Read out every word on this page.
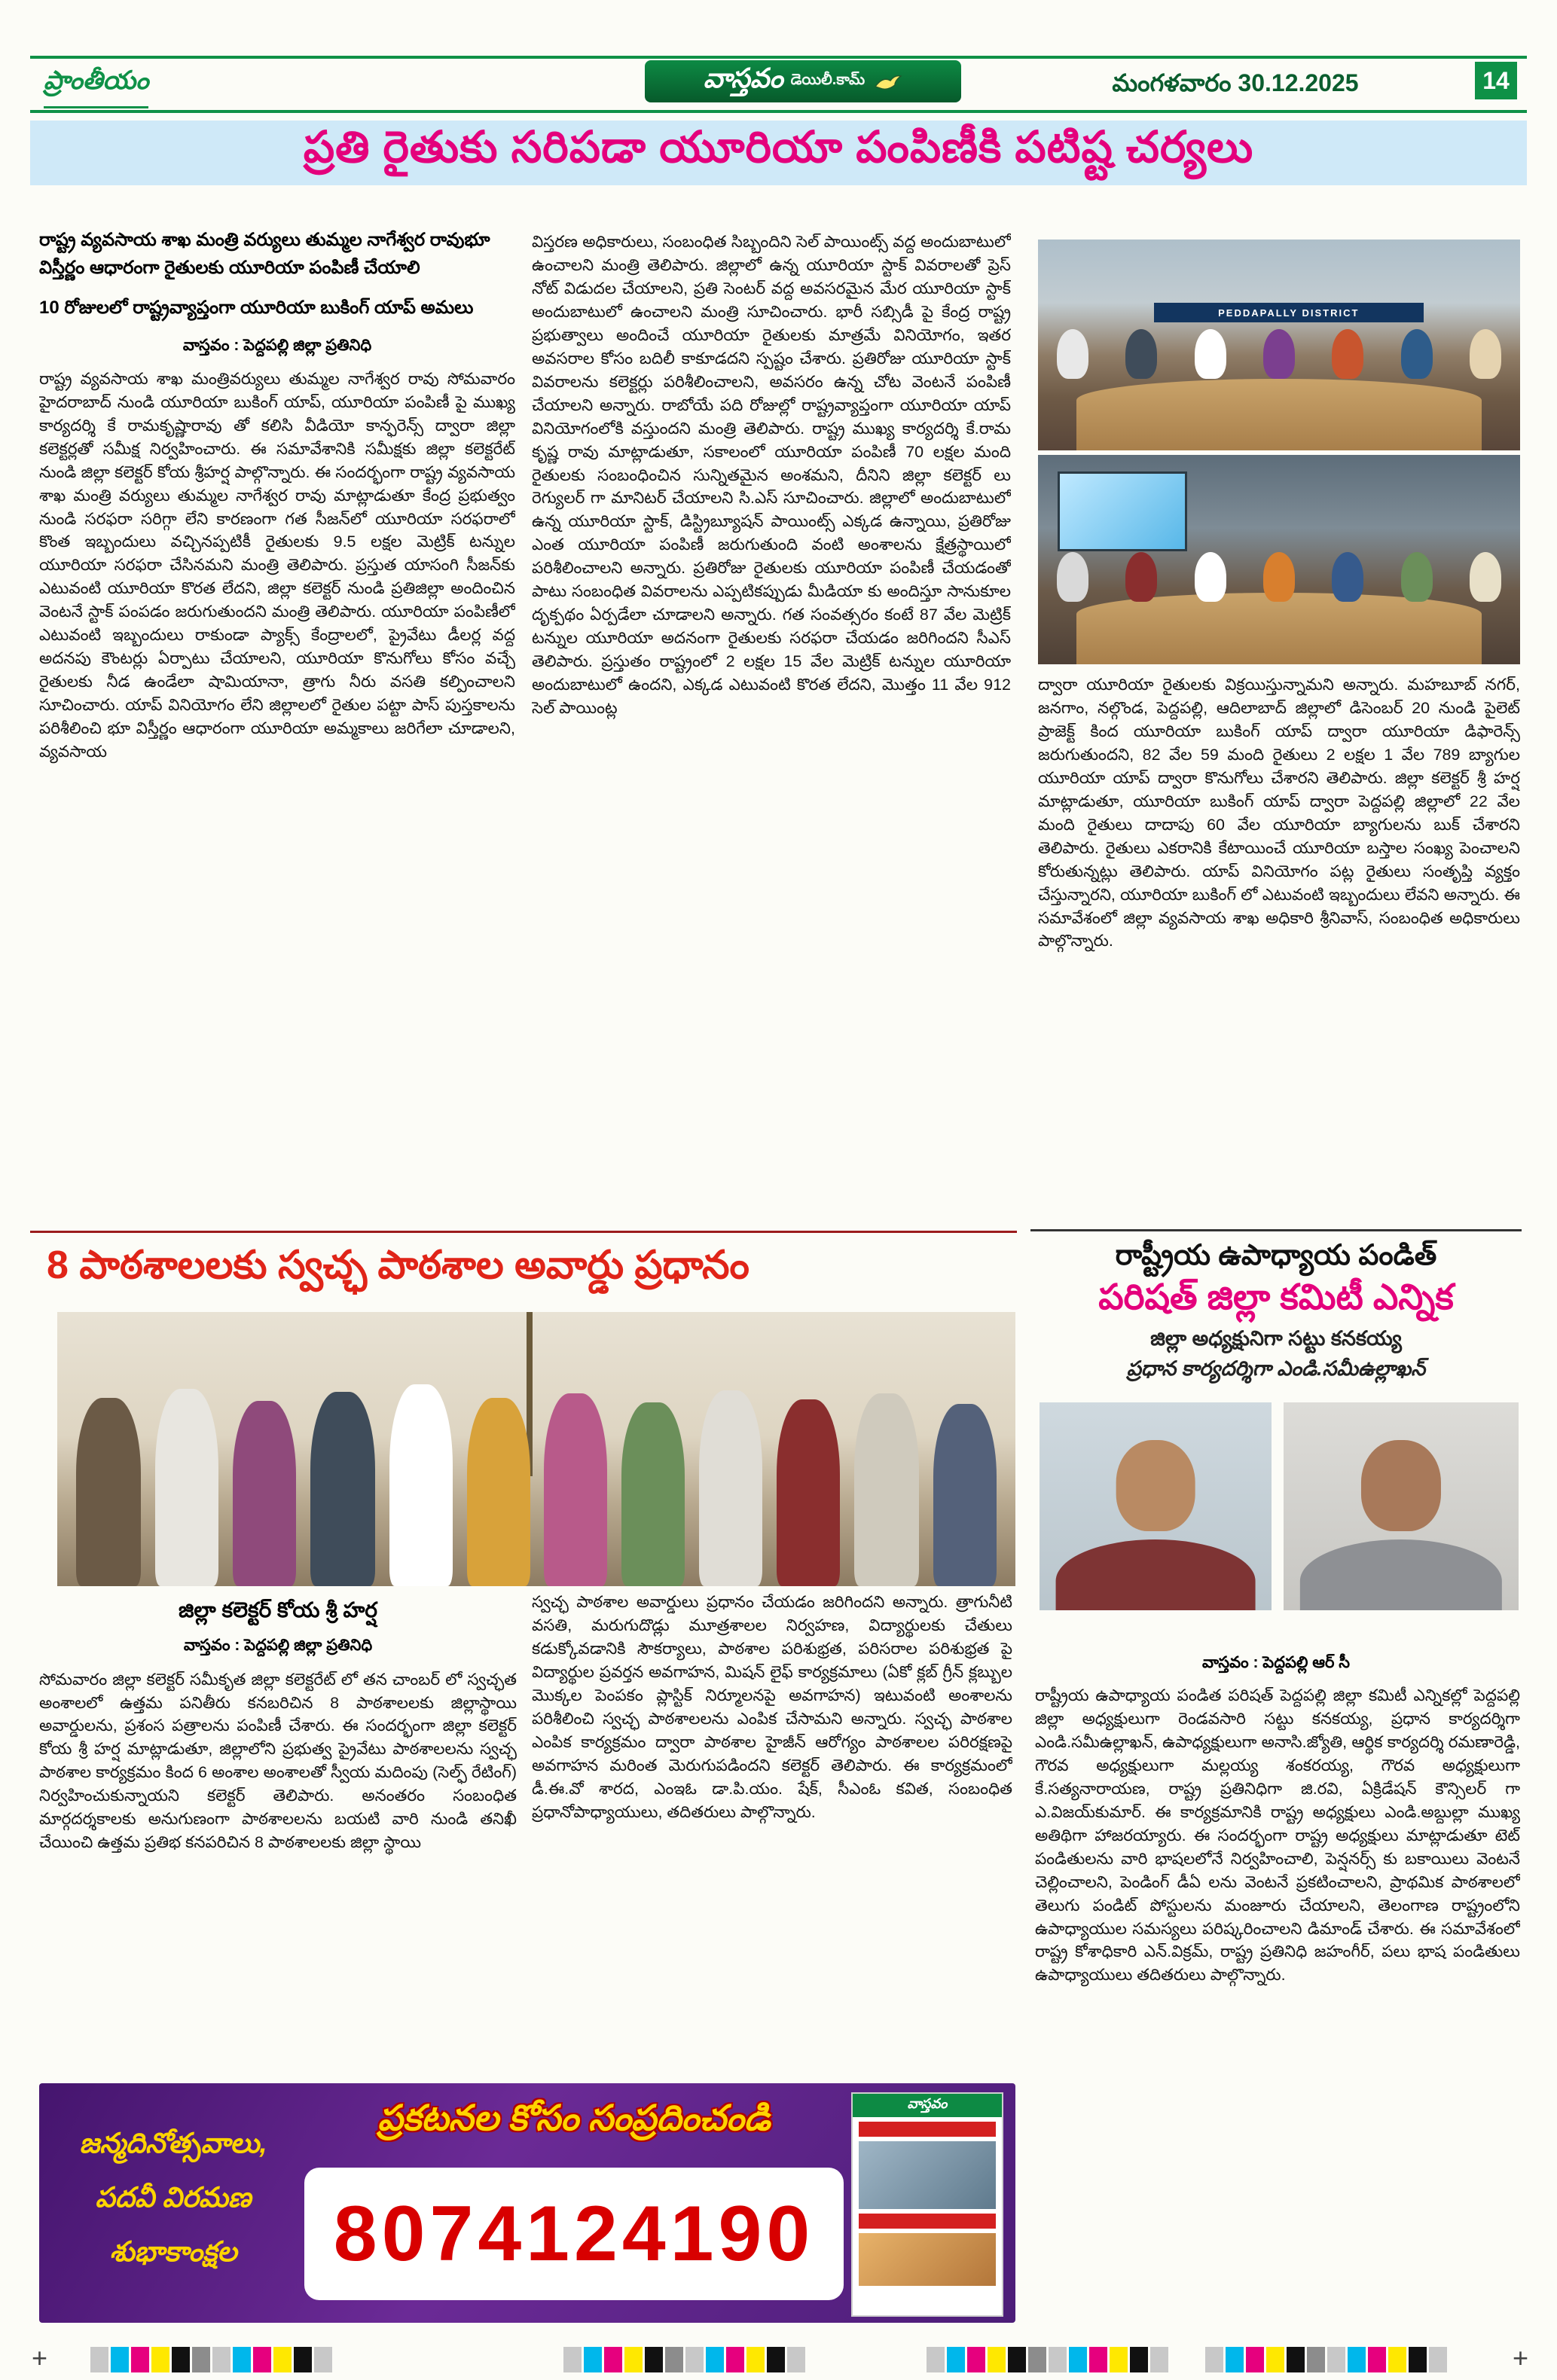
ప్రాంతీయం	వాస్తవం డెయిలీ.కామ్	మంగళవారం 30.12.2025	14
ప్రతి రైతుకు సరిపడా యూరియా పంపిణీకి పటిష్ట చర్యలు

రాష్ట్ర వ్యవసాయ శాఖ మంత్రి వర్యులు తుమ్మల నాగేశ్వర రావుభూ విస్తీర్ణం ఆధారంగా రైతులకు యూరియా పంపిణీ చేయాలి

10 రోజులలో రాష్ట్రవ్యాప్తంగా యూరియా బుకింగ్ యాప్ అమలు

వాస్తవం : పెద్దపల్లి జిల్లా ప్రతినిధి
రాష్ట్ర వ్యవసాయ శాఖ మంత్రివర్యులు తుమ్మల నాగేశ్వర రావు సోమవారం హైదరాబాద్ నుండి యూరియా బుకింగ్ యాప్, యూరియా పంపిణీ పై ముఖ్య కార్యదర్శి కే రామకృష్ణారావు తో కలిసి వీడియో కాన్ఫరెన్స్ ద్వారా జిల్లా కలెక్టర్లతో సమీక్ష నిర్వహించారు. ఈ సమావేశానికి సమీక్షకు జిల్లా కలెక్టరేట్ నుండి జిల్లా కలెక్టర్ కోయ శ్రీహర్ష పాల్గొన్నారు. ఈ సందర్భంగా రాష్ట్ర వ్యవసాయ శాఖ మంత్రి వర్యులు తుమ్మల నాగేశ్వర రావు మాట్లాడుతూ కేంద్ర ప్రభుత్వం నుండి సరఫరా సరిగ్గా లేని కారణంగా గత సీజన్‌లో యూరియా సరఫరాలో కొంత ఇబ్బందులు వచ్చినప్పటికీ రైతులకు 9.5 లక్షల మెట్రిక్ టన్నుల యూరియా సరఫరా చేసినమని మంత్రి తెలిపారు. ప్రస్తుత యాసంగి సీజన్‌కు ఎటువంటి యూరియా కొరత లేదని, జిల్లా కలెక్టర్ నుండి ప్రతిజిల్లా అందించిన వెంటనే స్టాక్ పంపడం జరుగుతుందని మంత్రి తెలిపారు. యూరియా పంపిణీలో ఎటువంటి ఇబ్బందులు రాకుండా ప్యాక్స్ కేంద్రాలలో, ప్రైవేటు డీలర్ల వద్ద అదనపు కౌంటర్లు ఏర్పాటు చేయాలని, యూరియా కొనుగోలు కోసం వచ్చే రైతులకు నీడ ఉండేలా షామియానా, త్రాగు నీరు వసతి కల్పించాలని సూచించారు. యాప్ వినియోగం లేని జిల్లాలలో రైతుల పట్టా పాస్ పుస్తకాలను పరిశీలించి భూ విస్తీర్ణం ఆధారంగా యూరియా అమ్మకాలు జరిగేలా చూడాలని, వ్యవసాయ
విస్తరణ అధికారులు, సంబంధిత సిబ్బందిని సెల్ పాయింట్స్ వద్ద అందుబాటులో ఉంచాలని మంత్రి తెలిపారు. జిల్లాలో ఉన్న యూరియా స్టాక్ వివరాలతో ప్రెస్ నోట్ విడుదల చేయాలని, ప్రతి సెంటర్ వద్ద అవసరమైన మేర యూరియా స్టాక్ అందుబాటులో ఉంచాలని మంత్రి సూచించారు. భారీ సబ్సిడీ పై కేంద్ర రాష్ట్ర ప్రభుత్వాలు అందించే యూరియా రైతులకు మాత్రమే వినియోగం, ఇతర అవసరాల కోసం బదిలీ కాకూడదని స్పష్టం చేశారు. ప్రతిరోజు యూరియా స్టాక్ వివరాలను కలెక్టర్లు పరిశీలించాలని, అవసరం ఉన్న చోట వెంటనే పంపిణీ చేయాలని అన్నారు. రాబోయే పది రోజుల్లో రాష్ట్రవ్యాప్తంగా యూరియా యాప్ వినియోగంలోకి వస్తుందని మంత్రి తెలిపారు. రాష్ట్ర ముఖ్య కార్యదర్శి కే.రామ కృష్ణ రావు మాట్లాడుతూ, సకాలంలో యూరియా పంపిణీ 70 లక్షల మంది రైతులకు సంబంధించిన సున్నితమైన అంశమని, దీనిని జిల్లా కలెక్టర్ లు రెగ్యులర్ గా మానిటర్ చేయాలని సి.ఎస్ సూచించారు. జిల్లాలో అందుబాటులో ఉన్న యూరియా స్టాక్, డిస్ట్రిబ్యూషన్ పాయింట్స్ ఎక్కడ ఉన్నాయి, ప్రతిరోజు ఎంత యూరియా పంపిణీ జరుగుతుంది వంటి అంశాలను క్షేత్రస్థాయిలో పరిశీలించాలని అన్నారు. ప్రతిరోజు రైతులకు యూరియా పంపిణీ చేయడంతో పాటు సంబంధిత వివరాలను ఎప్పటికప్పుడు మీడియా కు అందిస్తూ సానుకూల దృక్పథం ఏర్పడేలా చూడాలని అన్నారు. గత సంవత్సరం కంటే 87 వేల మెట్రిక్ టన్నుల యూరియా అదనంగా రైతులకు సరఫరా చేయడం జరిగిందని సీఎస్ తెలిపారు. ప్రస్తుతం రాష్ట్రంలో 2 లక్షల 15 వేల మెట్రిక్ టన్నుల యూరియా అందుబాటులో ఉందని, ఎక్కడ ఎటువంటి కొరత లేదని, మొత్తం 11 వేల 912 సెల్ పాయింట్ల
PEDDAPALLY DISTRICT
ద్వారా యూరియా రైతులకు విక్రయిస్తున్నామని అన్నారు. మహబూబ్ నగర్, జనగాం, నల్గొండ, పెద్దపల్లి, ఆదిలాబాద్ జిల్లాలో డిసెంబర్ 20 నుండి పైలెట్ ప్రాజెక్ట్ కింద యూరియా బుకింగ్ యాప్ ద్వారా యూరియా డిఫారెన్స్ జరుగుతుందని, 82 వేల 59 మంది రైతులు 2 లక్షల 1 వేల 789 బ్యాగుల యూరియా యాప్ ద్వారా కొనుగోలు చేశారని తెలిపారు. జిల్లా కలెక్టర్ శ్రీ హర్ష మాట్లాడుతూ, యూరియా బుకింగ్ యాప్ ద్వారా పెద్దపల్లి జిల్లాలో 22 వేల మంది రైతులు దాదాపు 60 వేల యూరియా బ్యాగులను బుక్ చేశారని తెలిపారు. రైతులు ఎకరానికి కేటాయించే యూరియా బస్తాల సంఖ్య పెంచాలని కోరుతున్నట్లు తెలిపారు. యాప్ వినియోగం పట్ల రైతులు సంతృప్తి వ్యక్తం చేస్తున్నారని, యూరియా బుకింగ్ లో ఎటువంటి ఇబ్బందులు లేవని అన్నారు. ఈ సమావేశంలో జిల్లా వ్యవసాయ శాఖ అధికారి శ్రీనివాస్, సంబంధిత అధికారులు పాల్గొన్నారు.
8 పాఠశాలలకు స్వచ్ఛ పాఠశాల అవార్డు ప్రధానం
జిల్లా కలెక్టర్ కోయ శ్రీ హర్ష
వాస్తవం : పెద్దపల్లి జిల్లా ప్రతినిధి
సోమవారం జిల్లా కలెక్టర్ సమీకృత జిల్లా కలెక్టరేట్ లో తన చాంబర్ లో స్వచ్ఛత అంశాలలో ఉత్తమ పనితీరు కనబరిచిన 8 పాఠశాలలకు జిల్లాస్థాయి అవార్డులను, ప్రశంస పత్రాలను పంపిణీ చేశారు. ఈ సందర్భంగా జిల్లా కలెక్టర్ కోయ శ్రీ హర్ష మాట్లాడుతూ, జిల్లాలోని ప్రభుత్వ ప్రైవేటు పాఠశాలలను స్వచ్ఛ పాఠశాల కార్యక్రమం కింద 6 అంశాల అంశాలతో స్వీయ మదింపు (సెల్ఫ్ రేటింగ్) నిర్వహించుకున్నాయని కలెక్టర్ తెలిపారు. అనంతరం సంబంధిత మార్గదర్శకాలకు అనుగుణంగా పాఠశాలలను బయటి వారి నుండి తనిఖీ చేయించి ఉత్తమ ప్రతిభ కనపరిచిన 8 పాఠశాలలకు జిల్లా స్థాయి
స్వచ్ఛ పాఠశాల అవార్డులు ప్రధానం చేయడం జరిగిందని అన్నారు. త్రాగునీటి వసతి, మరుగుదొడ్లు మూత్రశాలల నిర్వహణ, విద్యార్థులకు చేతులు కడుక్కోవడానికి సౌకర్యాలు, పాఠశాల పరిశుభ్రత, పరిసరాల పరిశుభ్రత పై విద్యార్థుల ప్రవర్తన అవగాహన, మిషన్ లైఫ్ కార్యక్రమాలు (ఏకో క్లబ్ గ్రీన్ క్లబ్బుల మొక్కల పెంపకం ప్లాస్టిక్ నిర్మూలనపై అవగాహన) ఇటువంటి అంశాలను పరిశీలించి స్వచ్ఛ పాఠశాలలను ఎంపిక చేసామని అన్నారు. స్వచ్ఛ పాఠశాల ఎంపిక కార్యక్రమం ద్వారా పాఠశాల హైజీన్ ఆరోగ్యం పాఠశాలల పరిరక్షణపై అవగాహన మరింత మెరుగుపడిందని కలెక్టర్ తెలిపారు. ఈ కార్యక్రమంలో డీ.ఈ.వో శారద, ఎంఇఓ డా.పి.యం. షేక్, సీఎంఓ కవిత, సంబంధిత ప్రధానోపాధ్యాయులు, తదితరులు పాల్గొన్నారు.
రాష్ట్రీయ ఉపాధ్యాయ పండిత్
పరిషత్ జిల్లా కమిటీ ఎన్నిక
జిల్లా అధ్యక్షునిగా సట్టు కనకయ్య
ప్రధాన కార్యదర్శిగా ఎండి.సమీఉల్లాఖన్
వాస్తవం : పెద్దపల్లి ఆర్ సీ
రాష్ట్రీయ ఉపాధ్యాయ పండిత పరిషత్ పెద్దపల్లి జిల్లా కమిటీ ఎన్నికల్లో పెద్దపల్లి జిల్లా అధ్యక్షులుగా రెండవసారి సట్టు కనకయ్య, ప్రధాన కార్యదర్శిగా ఎండి.సమీఉల్లాఖన్, ఉపాధ్యక్షులుగా అనాసి.జ్యోతి, ఆర్థిక కార్యదర్శి రమణారెడ్డి, గౌరవ అధ్యక్షులుగా మల్లయ్య శంకరయ్య, గౌరవ అధ్యక్షులుగా కే.సత్యనారాయణ, రాష్ట్ర ప్రతినిధిగా జి.రవి, ఏక్రిడేషన్ కౌన్సిలర్ గా ఎ.విజయ్‌కుమార్. ఈ కార్యక్రమానికి రాష్ట్ర అధ్యక్షులు ఎండి.అబ్దుల్లా ముఖ్య అతిథిగా హాజరయ్యారు. ఈ సందర్భంగా రాష్ట్ర అధ్యక్షులు మాట్లాడుతూ టెట్ పండితులను వారి భాషలలోనే నిర్వహించాలి, పెన్షనర్స్ కు బకాయిలు వెంటనే చెల్లించాలని, పెండింగ్ డీఏ లను వెంటనే ప్రకటించాలని, ప్రాథమిక పాఠశాలలో తెలుగు పండిట్ పోస్టులను మంజూరు చేయాలని, తెలంగాణ రాష్ట్రంలోని ఉపాధ్యాయుల సమస్యలు పరిష్కరించాలని డిమాండ్ చేశారు. ఈ సమావేశంలో రాష్ట్ర కోశాధికారి ఎన్.విక్రమ్, రాష్ట్ర ప్రతినిధి జహంగీర్, పలు భాష పండితులు ఉపాధ్యాయులు తదితరులు పాల్గొన్నారు.
జన్మదినోత్సవాలు,
పదవీ విరమణ
శుభాకాంక్షల
ప్రకటనల కోసం సంప్రదించండి
8074124190
వాస్తవం
+	+
